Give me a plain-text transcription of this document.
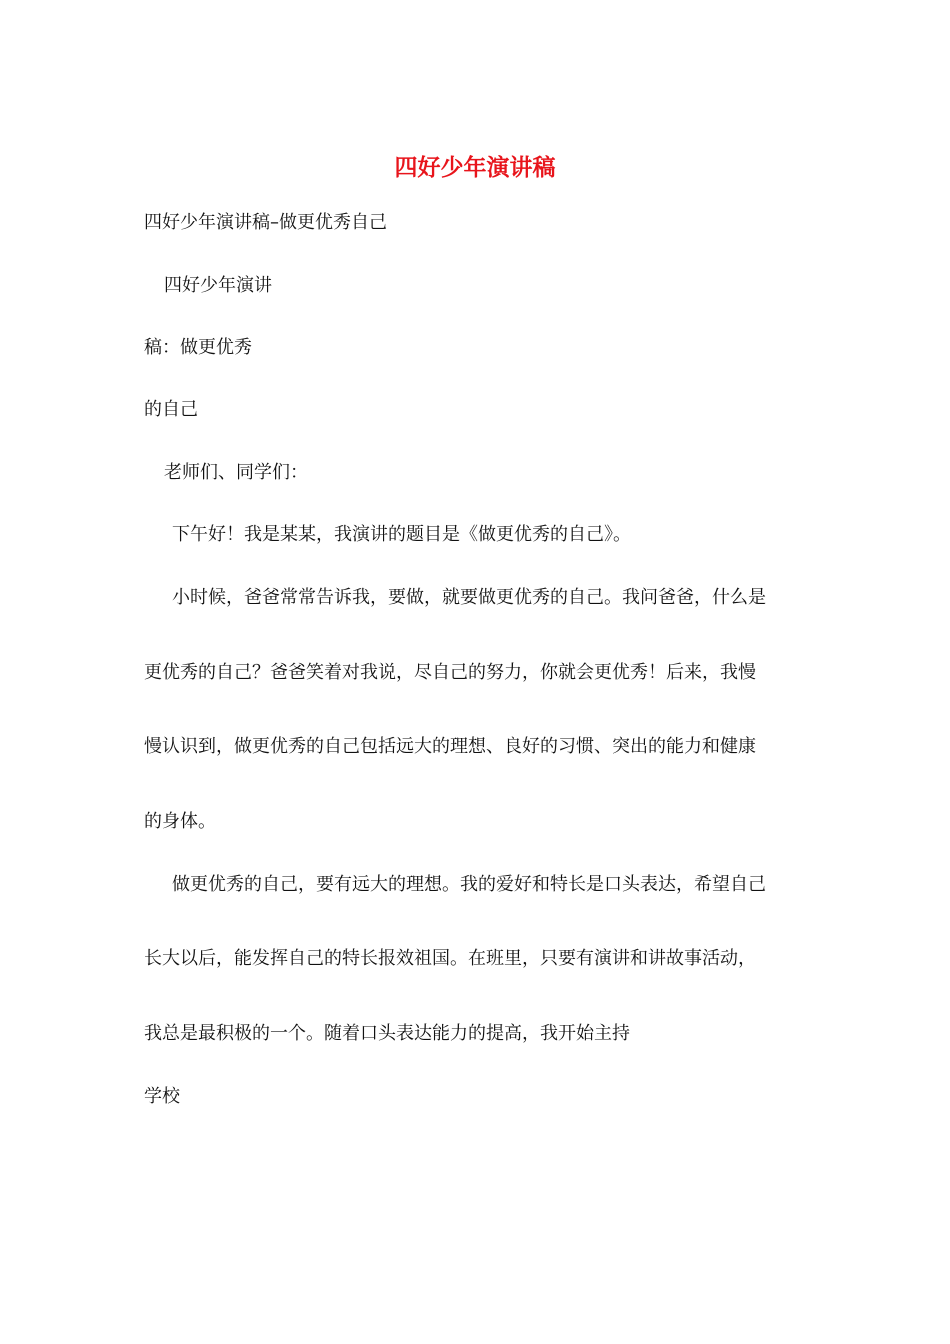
四好少年演讲稿
四好少年演讲稿–做更优秀自己
四好少年演讲
稿：做更优秀
的自己
老师们、同学们：
下午好！我是某某，我演讲的题目是《做更优秀的自己》。
小时候，爸爸常常告诉我，要做，就要做更优秀的自己。我问爸爸，什么是
更优秀的自己？爸爸笑着对我说，尽自己的努力，你就会更优秀！后来，我慢
慢认识到，做更优秀的自己包括远大的理想、良好的习惯、突出的能力和健康
的身体。
做更优秀的自己，要有远大的理想。我的爱好和特长是口头表达，希望自己
长大以后，能发挥自己的特长报效祖国。在班里，只要有演讲和讲故事活动，
我总是最积极的一个。随着口头表达能力的提高，我开始主持
学校
